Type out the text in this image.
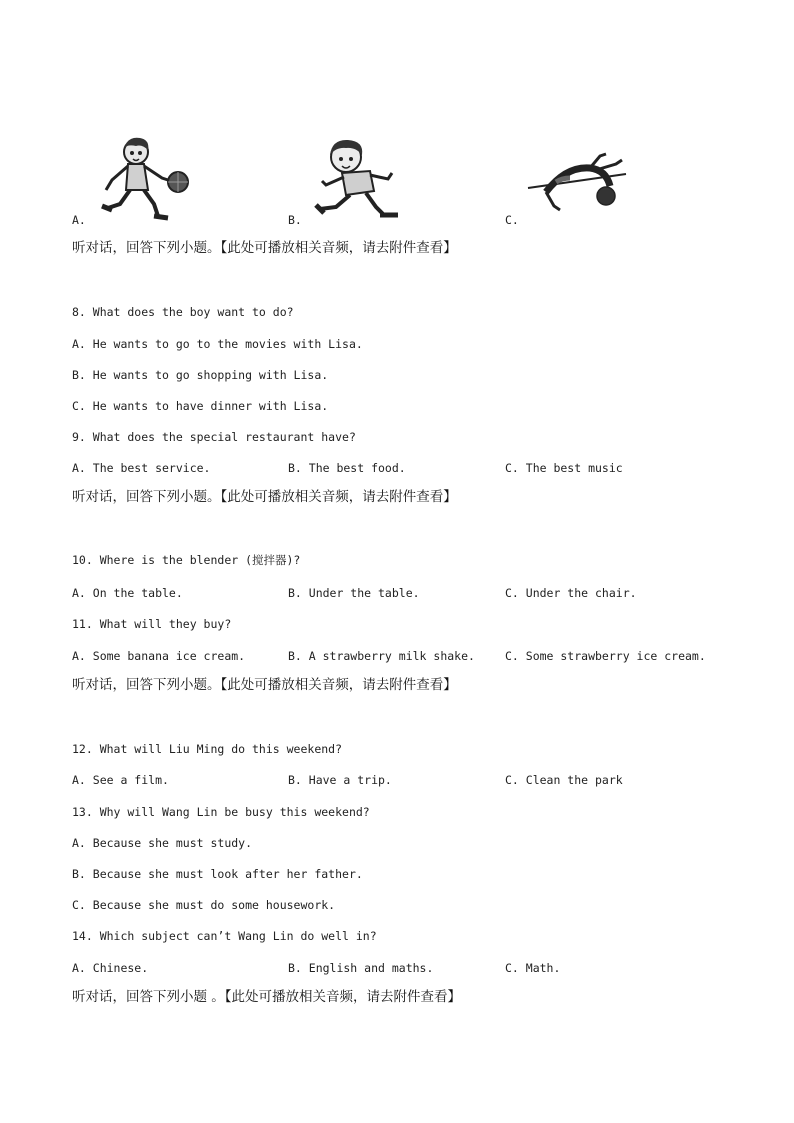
A.	B.	C.
听对话，回答下列小题。【此处可播放相关音频，请去附件查看】
8. What does the boy want to do?
A. He wants to go to the movies with Lisa.
B. He wants to go shopping with Lisa.
C. He wants to have dinner with Lisa.
9. What does the special restaurant have?
A. The best service.	B. The best food.	C. The best music
听对话，回答下列小题。【此处可播放相关音频，请去附件查看】
10. Where is the blender (搅拌器)?
A. On the table.	B. Under the table.	C. Under the chair.
11. What will they buy?
A. Some banana ice cream.	B. A strawberry milk shake.	C. Some strawberry ice cream.
听对话，回答下列小题。【此处可播放相关音频，请去附件查看】
12. What will Liu Ming do this weekend?
A. See a film.	B. Have a trip.	C. Clean the park
13. Why will Wang Lin be busy this weekend?
A. Because she must study.
B. Because she must look after her father.
C. Because she must do some housework.
14. Which subject can’t Wang Lin do well in?
A. Chinese.	B. English and maths.	C. Math.
听对话，回答下列小题 。【此处可播放相关音频，请去附件查看】
